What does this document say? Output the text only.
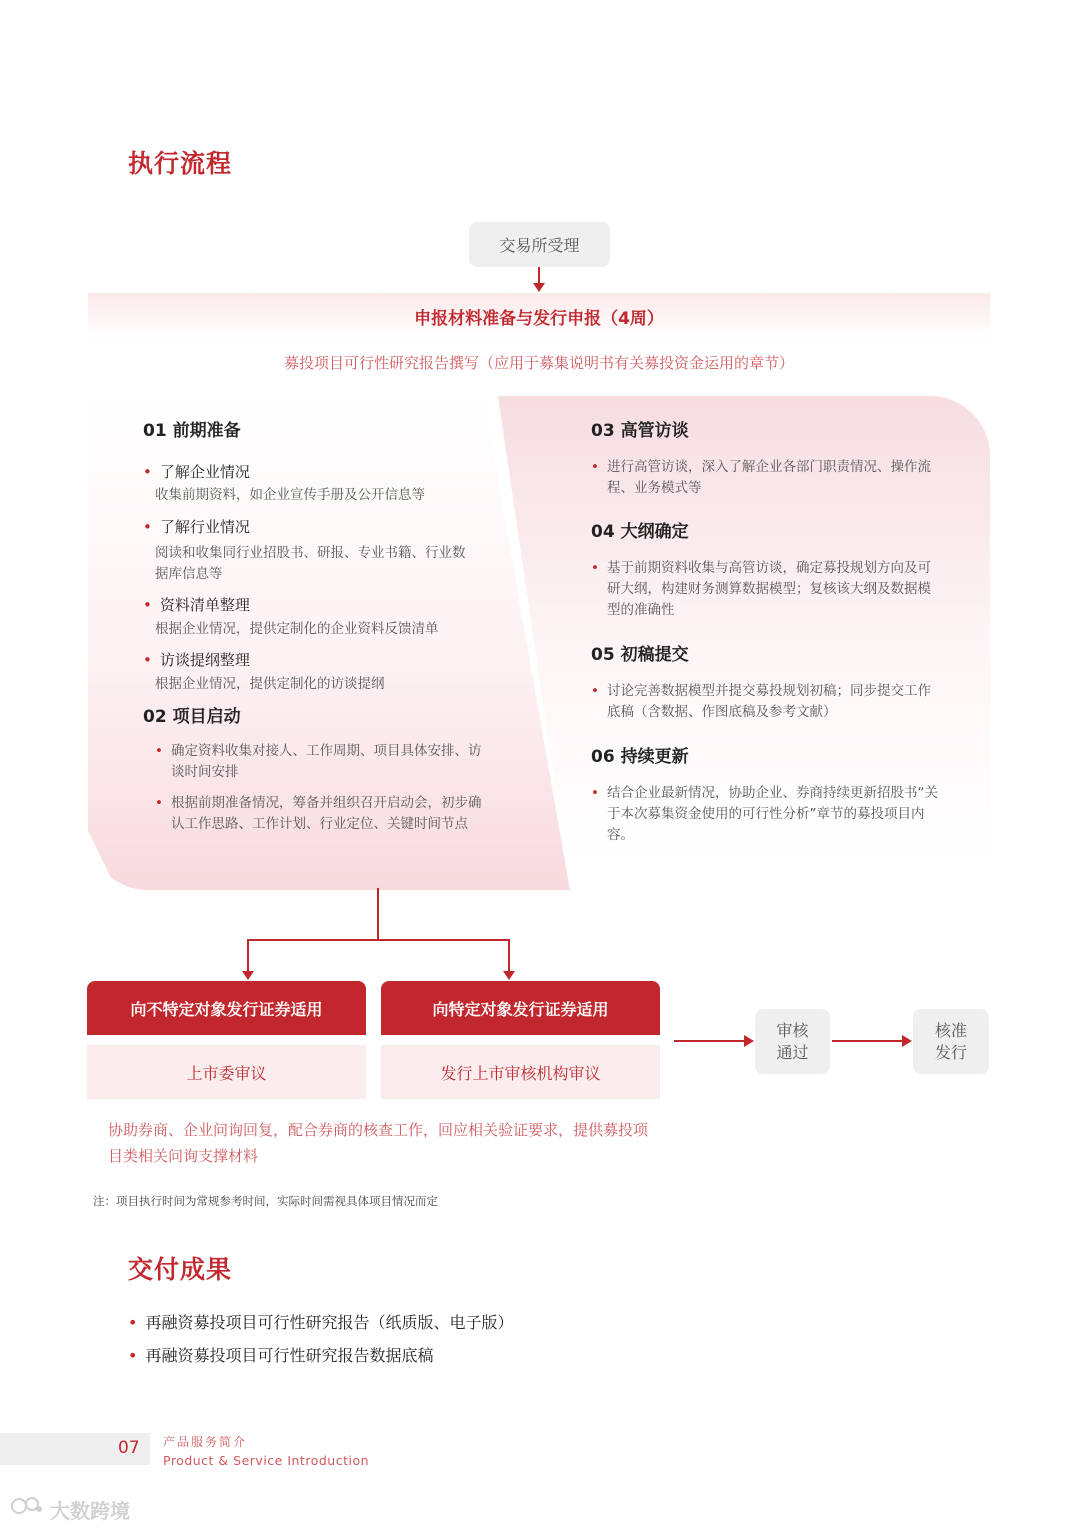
执行流程
交易所受理
申报材料准备与发行申报（4周）
募投项目可行性研究报告撰写（应用于募集说明书有关募投资金运用的章节）
01 前期准备
• 了解企业情况
收集前期资料，如企业宣传手册及公开信息等
• 了解行业情况
阅读和收集同行业招股书、研报、专业书籍、行业数据库信息等
• 资料清单整理
根据企业情况，提供定制化的企业资料反馈清单
• 访谈提纲整理
根据企业情况，提供定制化的访谈提纲
02 项目启动
• 确定资料收集对接人、工作周期、项目具体安排、访谈时间安排
• 根据前期准备情况，筹备并组织召开启动会，初步确认工作思路、工作计划、行业定位、关键时间节点
03 高管访谈
• 进行高管访谈，深入了解企业各部门职责情况、操作流程、业务模式等
04 大纲确定
• 基于前期资料收集与高管访谈，确定募投规划方向及可研大纲，构建财务测算数据模型；复核该大纲及数据模型的准确性
05 初稿提交
• 讨论完善数据模型并提交募投规划初稿；同步提交工作底稿（含数据、作图底稿及参考文献）
06 持续更新
• 结合企业最新情况，协助企业、券商持续更新招股书“关于本次募集资金使用的可行性分析”章节的募投项目内容。
向不特定对象发行证券适用
上市委审议
向特定对象发行证券适用
发行上市审核机构审议
审核
通过
核准
发行
协助券商、企业问询回复，配合券商的核查工作，回应相关验证要求，提供募投项目类相关问询支撑材料
注：项目执行时间为常规参考时间，实际时间需视具体项目情况而定
交付成果
• 再融资募投项目可行性研究报告（纸质版、电子版）
• 再融资募投项目可行性研究报告数据底稿
07 产品服务简介
Product & Service Introduction
大数跨境
